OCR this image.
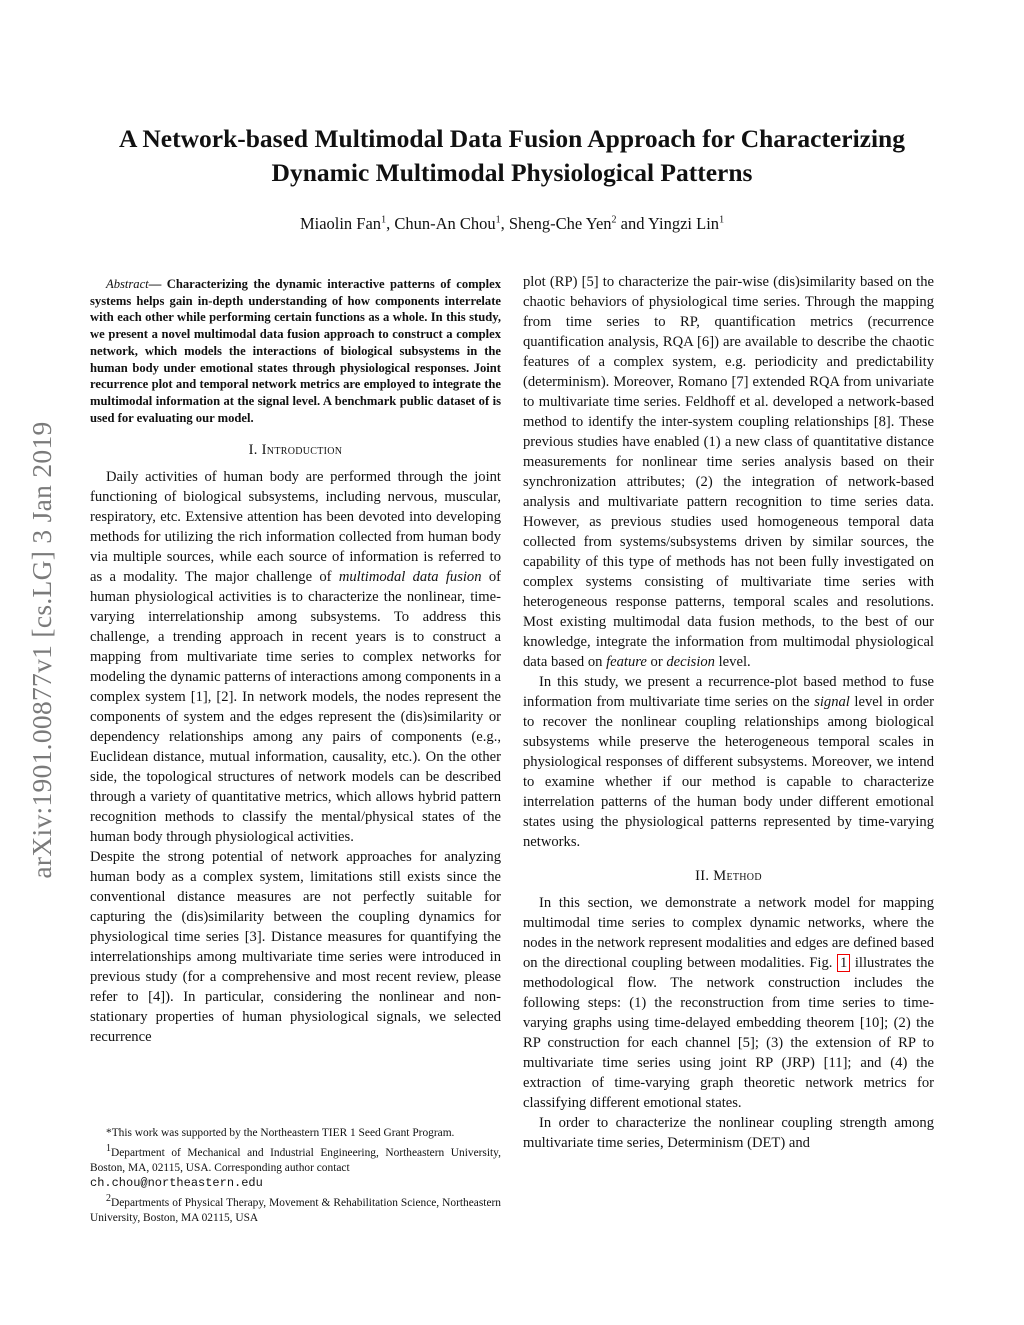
arXiv:1901.00877v1 [cs.LG] 3 Jan 2019
A Network-based Multimodal Data Fusion Approach for Characterizing Dynamic Multimodal Physiological Patterns
Miaolin Fan$^1$, Chun-An Chou$^1$, Sheng-Che Yen$^2$ and Yingzi Lin$^1$

Abstract— Characterizing the dynamic interactive patterns of complex systems helps gain in-depth understanding of how components interrelate with each other while performing certain functions as a whole. In this study, we present a novel multimodal data fusion approach to construct a complex network, which models the interactions of biological subsystems in the human body under emotional states through physiological responses. Joint recurrence plot and temporal network metrics are employed to integrate the multimodal information at the signal level. A benchmark public dataset of is used for evaluating our model.

I. Introduction

Daily activities of human body are performed through the joint functioning of biological subsystems, including nervous, muscular, respiratory, etc. Extensive attention has been devoted into developing methods for utilizing the rich information collected from human body via multiple sources, while each source of information is referred to as a modality. The major challenge of multimodal data fusion of human physiological activities is to characterize the nonlinear, time-varying interrelationship among subsystems. To address this challenge, a trending approach in recent years is to construct a mapping from multivariate time series to complex networks for modeling the dynamic patterns of interactions among components in a complex system [1], [2]. In network models, the nodes represent the components of system and the edges represent the (dis)similarity or dependency relationships among any pairs of components (e.g., Euclidean distance, mutual information, causality, etc.). On the other side, the topological structures of network models can be described through a variety of quantitative metrics, which allows hybrid pattern recognition methods to classify the mental/physical states of the human body through physiological activities.

Despite the strong potential of network approaches for analyzing human body as a complex system, limitations still exists since the conventional distance measures are not perfectly suitable for capturing the (dis)similarity between the coupling dynamics for physiological time series [3]. Distance measures for quantifying the interrelationships among multivariate time series were introduced in previous study (for a comprehensive and most recent review, please refer to [4]). In particular, considering the nonlinear and non-stationary properties of human physiological signals, we selected recurrence

*This work was supported by the Northeastern TIER 1 Seed Grant Program.

$^1$Department of Mechanical and Industrial Engineering, Northeastern University, Boston, MA, 02115, USA. Corresponding author contact
ch.chou@northeastern.edu

$^2$Departments of Physical Therapy, Movement & Rehabilitation Science, Northeastern University, Boston, MA 02115, USA

plot (RP) [5] to characterize the pair-wise (dis)similarity based on the chaotic behaviors of physiological time series. Through the mapping from time series to RP, quantification metrics (recurrence quantification analysis, RQA [6]) are available to describe the chaotic features of a complex system, e.g. periodicity and predictability (determinism). Moreover, Romano [7] extended RQA from univariate to multivariate time series. Feldhoff et al. developed a network-based method to identify the inter-system coupling relationships [8]. These previous studies have enabled (1) a new class of quantitative distance measurements for nonlinear time series analysis based on their synchronization attributes; (2) the integration of network-based analysis and multivariate pattern recognition to time series data. However, as previous studies used homogeneous temporal data collected from systems/subsystems driven by similar sources, the capability of this type of methods has not been fully investigated on complex systems consisting of multivariate time series with heterogeneous response patterns, temporal scales and resolutions. Most existing multimodal data fusion methods, to the best of our knowledge, integrate the information from multimodal physiological data based on feature or decision level.

In this study, we present a recurrence-plot based method to fuse information from multivariate time series on the signal level in order to recover the nonlinear coupling relationships among biological subsystems while preserve the heterogeneous temporal scales in physiological responses of different subsystems. Moreover, we intend to examine whether if our method is capable to characterize interrelation patterns of the human body under different emotional states using the physiological patterns represented by time-varying networks.

II. Method

In this section, we demonstrate a network model for mapping multimodal time series to complex dynamic networks, where the nodes in the network represent modalities and edges are defined based on the directional coupling between modalities. Fig. 1 illustrates the methodological flow. The network construction includes the following steps: (1) the reconstruction from time series to time-varying graphs using time-delayed embedding theorem [10]; (2) the RP construction for each channel [5]; (3) the extension of RP to multivariate time series using joint RP (JRP) [11]; and (4) the extraction of time-varying graph theoretic network metrics for classifying different emotional states.

In order to characterize the nonlinear coupling strength among multivariate time series, Determinism (DET) and
